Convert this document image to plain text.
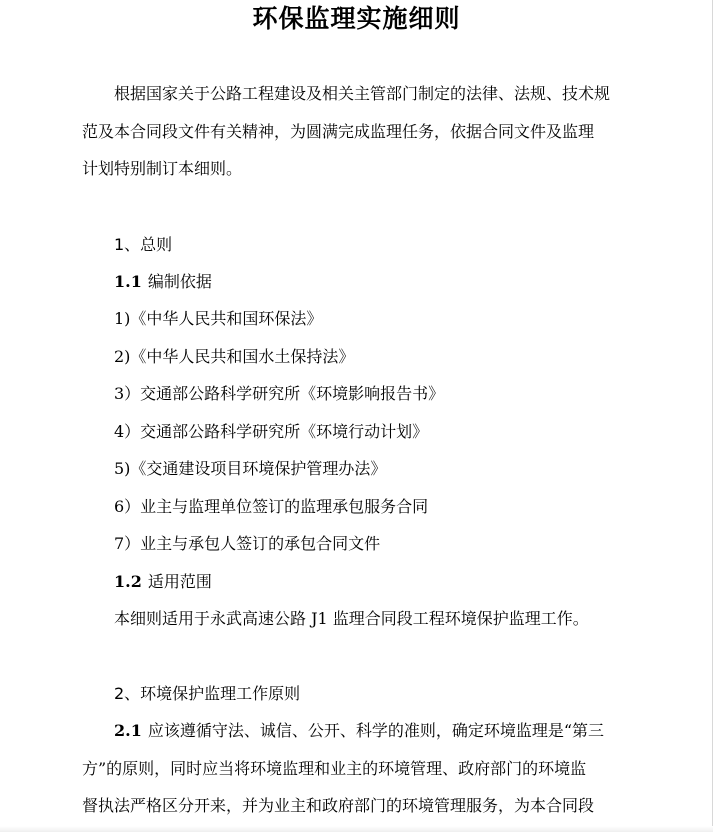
环保监理实施细则
根据国家关于公路工程建设及相关主管部门制定的法律、法规、技术规
范及本合同段文件有关精神，为圆满完成监理任务，依据合同文件及监理
计划特别制订本细则。
1、总则
1.1 编制依据
1)《中华人民共和国环保法》
2)《中华人民共和国水土保持法》
3）交通部公路科学研究所《环境影响报告书》
4）交通部公路科学研究所《环境行动计划》
5)《交通建设项目环境保护管理办法》
6）业主与监理单位签订的监理承包服务合同
7）业主与承包人签订的承包合同文件
1.2 适用范围
本细则适用于永武高速公路 J1 监理合同段工程环境保护监理工作。
2、环境保护监理工作原则
2.1 应该遵循守法、诚信、公开、科学的准则，确定环境监理是“第三
方”的原则，同时应当将环境监理和业主的环境管理、政府部门的环境监
督执法严格区分开来，并为业主和政府部门的环境管理服务，为本合同段
